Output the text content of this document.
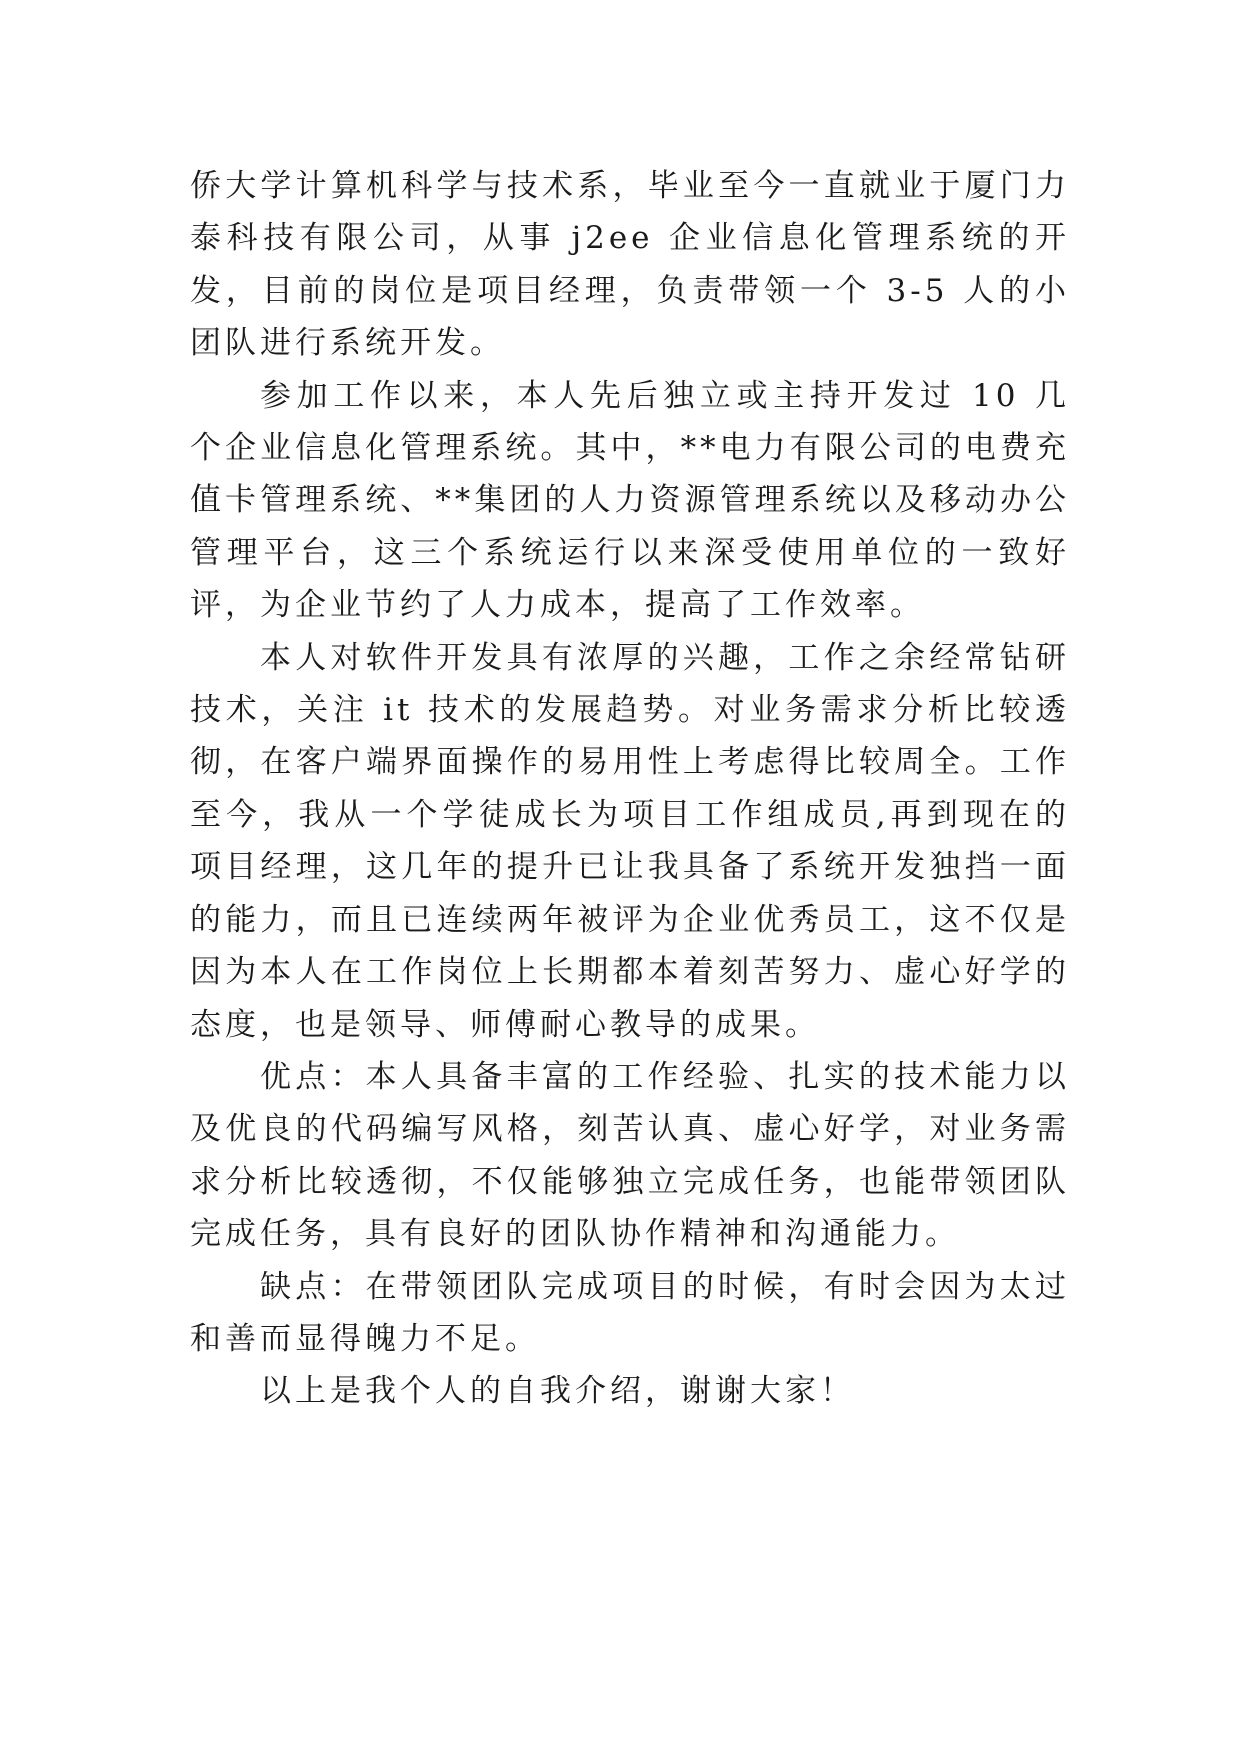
侨大学计算机科学与技术系，毕业至今一直就业于厦门力泰科技有限公司，从事 j2ee 企业信息化管理系统的开发，目前的岗位是项目经理，负责带领一个 3-5 人的小团队进行系统开发。

参加工作以来，本人先后独立或主持开发过 10 几个企业信息化管理系统。其中，**电力有限公司的电费充值卡管理系统、**集团的人力资源管理系统以及移动办公管理平台，这三个系统运行以来深受使用单位的一致好评，为企业节约了人力成本，提高了工作效率。

本人对软件开发具有浓厚的兴趣，工作之余经常钻研技术，关注 it 技术的发展趋势。对业务需求分析比较透彻，在客户端界面操作的易用性上考虑得比较周全。工作至今，我从一个学徒成长为项目工作组成员,再到现在的项目经理，这几年的提升已让我具备了系统开发独挡一面的能力，而且已连续两年被评为企业优秀员工，这不仅是因为本人在工作岗位上长期都本着刻苦努力、虚心好学的态度，也是领导、师傅耐心教导的成果。

优点：本人具备丰富的工作经验、扎实的技术能力以及优良的代码编写风格，刻苦认真、虚心好学，对业务需求分析比较透彻，不仅能够独立完成任务，也能带领团队完成任务，具有良好的团队协作精神和沟通能力。

缺点：在带领团队完成项目的时候，有时会因为太过和善而显得魄力不足。

以上是我个人的自我介绍，谢谢大家！
